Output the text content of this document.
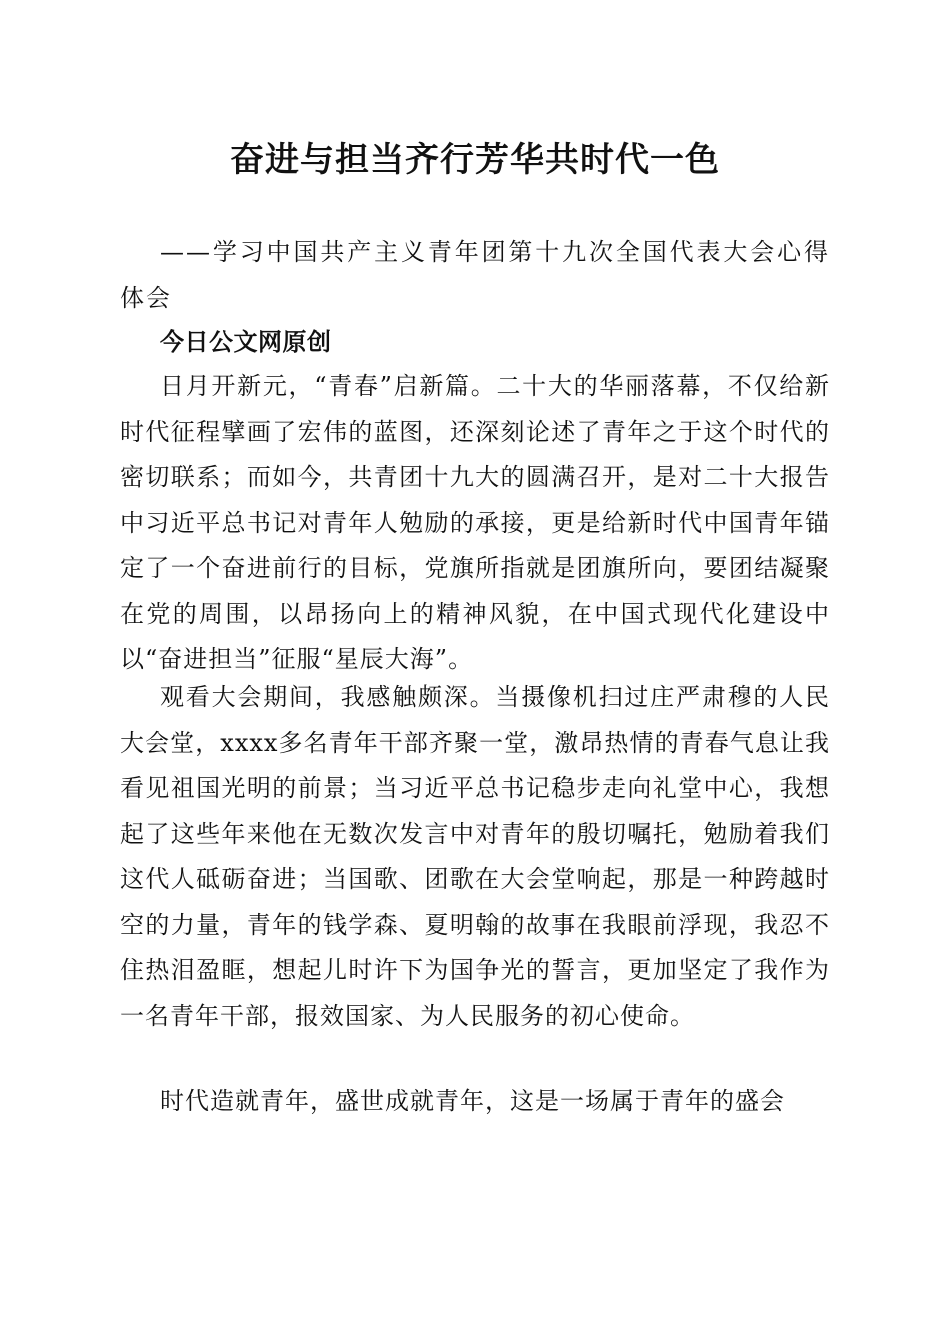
奋进与担当齐行芳华共时代一色

——学习中国共产主义青年团第十九次全国代表大会心得体会

今日公文网原创

日月开新元，“青春”启新篇。二十大的华丽落幕，不仅给新时代征程擘画了宏伟的蓝图，还深刻论述了青年之于这个时代的密切联系；而如今，共青团十九大的圆满召开，是对二十大报告中习近平总书记对青年人勉励的承接，更是给新时代中国青年锚定了一个奋进前行的目标，党旗所指就是团旗所向，要团结凝聚在党的周围，以昂扬向上的精神风貌，在中国式现代化建设中以“奋进担当”征服“星辰大海”。

观看大会期间，我感触颇深。当摄像机扫过庄严肃穆的人民大会堂，xxxx多名青年干部齐聚一堂，激昂热情的青春气息让我看见祖国光明的前景；当习近平总书记稳步走向礼堂中心，我想起了这些年来他在无数次发言中对青年的殷切嘱托，勉励着我们这代人砥砺奋进；当国歌、团歌在大会堂响起，那是一种跨越时空的力量，青年的钱学森、夏明翰的故事在我眼前浮现，我忍不住热泪盈眶，想起儿时许下为国争光的誓言，更加坚定了我作为一名青年干部，报效国家、为人民服务的初心使命。

时代造就青年，盛世成就青年，这是一场属于青年的盛会
